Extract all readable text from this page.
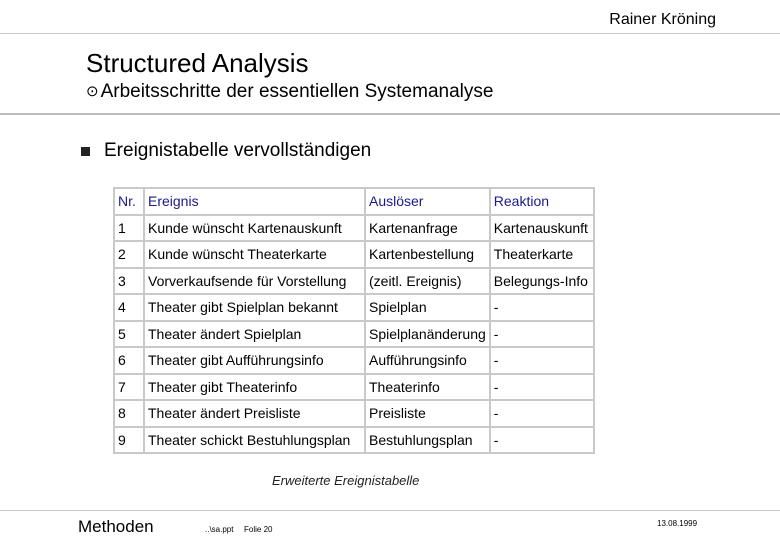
Rainer Kröning
Structured Analysis
⊙ Arbeitsschritte der essentiellen Systemanalyse
Ereignistabelle vervollständigen
Nr.	Ereignis	Auslöser	Reaktion
1	Kunde wünscht Kartenauskunft	Kartenanfrage	Kartenauskunft
2	Kunde wünscht Theaterkarte	Kartenbestellung	Theaterkarte
3	Vorverkaufsende für Vorstellung	(zeitl. Ereignis)	Belegungs-Info
4	Theater gibt Spielplan bekannt	Spielplan	-
5	Theater ändert Spielplan	Spielplanänderung	-
6	Theater gibt Aufführungsinfo	Aufführungsinfo	-
7	Theater gibt Theaterinfo	Theaterinfo	-
8	Theater ändert Preisliste	Preisliste	-
9	Theater schickt Bestuhlungsplan	Bestuhlungsplan	-
Erweiterte Ereignistabelle
Methoden	..\sa.ppt Folie 20
13.08.1999
